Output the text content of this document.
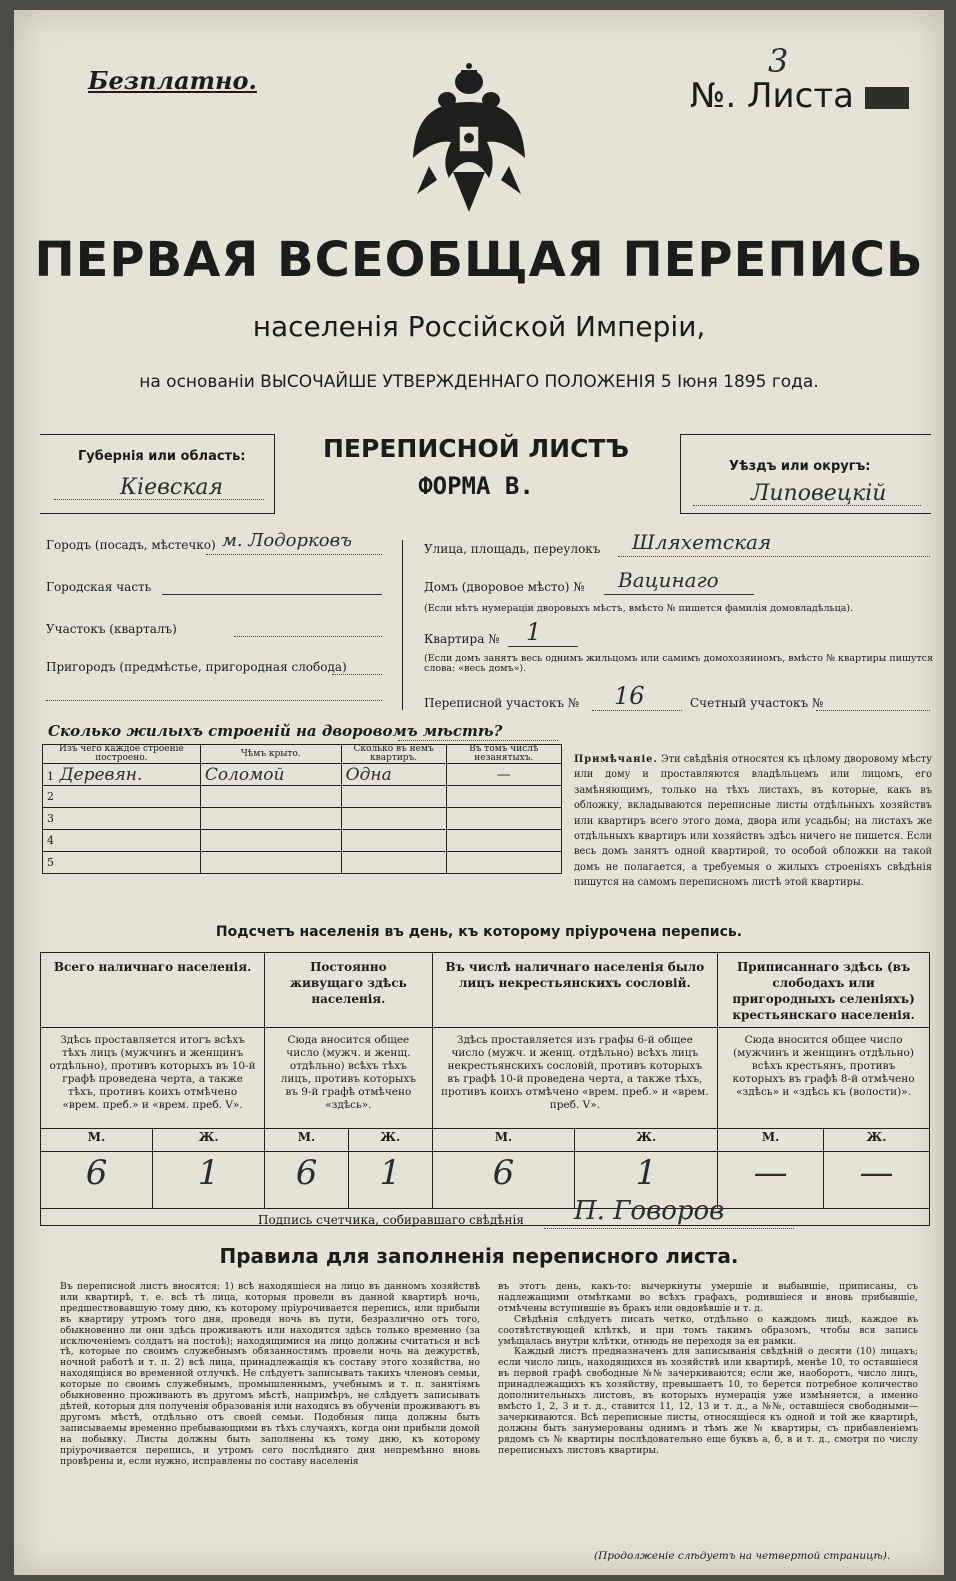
Безплатно.	№. Листа
3
ПЕРВАЯ ВСЕОБЩАЯ ПЕРЕПИСЬ
населенія Россійской Имперіи,
на основаніи ВЫСОЧАЙШЕ УТВЕРЖДЕННАГО ПОЛОЖЕНІЯ 5 Іюня 1895 года.
Губернія или область:
Кіевская
ПЕРЕПИСНОЙ ЛИСТЪ
ФОРМА В.
Уѣздъ или округъ:
Липовецкій
Городъ (посадъ, мѣстечко) м. Лодорковъ
Городская часть
Участокъ (кварталъ)
Пригородъ (предмѣстье, пригородная слобода)
Улица, площадь, переулокъ Шляхетская
Домъ (дворовое мѣсто) № Вацинаго
(Если нѣтъ нумераціи дворовыхъ мѣстъ, вмѣсто № пишется фамилія домовладѣльца).
Квартира № 1
(Если домъ занятъ весь однимъ жильцомъ или самимъ домохозяиномъ, вмѣсто № квартиры пишутся слова: «весь домъ»).
Переписной участокъ № 16	Счетный участокъ №
Сколько жилыхъ строеній на дворовомъ мѣстѣ?
Изъ чего каждое строеніе построено.	Чѣмъ крыто.	Сколько въ немъ квартиръ.	Въ томъ числѣ незанятыхъ.
1 Деревян.	Соломой	Одна	—
2			
3			
4			
5			
Примѣчаніе. Эти свѣдѣнія относятся къ цѣлому дворовому мѣсту или дому и проставляются владѣльцемъ или лицомъ, его замѣняющимъ, только на тѣхъ листахъ, въ которые, какъ въ обложку, вкладываются переписные листы отдѣльныхъ хозяйствъ или квартиръ всего этого дома, двора или усадьбы; на листахъ же отдѣльныхъ квартиръ или хозяйствъ здѣсь ничего не пишется. Если весь домъ занятъ одной квартирой, то особой обложки на такой домъ не полагается, а требуемыя о жилыхъ строеніяхъ свѣдѣнія пишутся на самомъ переписномъ листѣ этой квартиры.
Подсчетъ населенія въ день, къ которому пріурочена перепись.
Всего наличнаго населенія.		Постоянно живущаго здѣсь населенія.		Въ числѣ наличнаго населенія было лицъ некрестьянскихъ сословій.		Приписаннаго здѣсь (въ слободахъ или пригородныхъ селеніяхъ) крестьянскаго населенія.	
Здѣсь проставляется итогъ всѣхъ тѣхъ лицъ (мужчинъ и женщинъ отдѣльно), противъ которыхъ въ 10-й графѣ проведена черта, а также тѣхъ, противъ коихъ отмѣчено «врем. преб.» и «врем. преб. V».		Сюда вносится общее число (мужч. и женщ. отдѣльно) всѣхъ тѣхъ лицъ, противъ которыхъ въ 9-й графѣ отмѣчено «здѣсь».		Здѣсь проставляется изъ графы 6-й общее число (мужч. и женщ. отдѣльно) всѣхъ лицъ некрестьянскихъ сословій, противъ которыхъ въ графѣ 10-й проведена черта, а также тѣхъ, противъ коихъ отмѣчено «врем. преб.» и «врем. преб. V».		Сюда вносится общее число (мужчинъ и женщинъ отдѣльно) всѣхъ крестьянъ, противъ которыхъ въ графѣ 8-й отмѣчено «здѣсь» и «здѣсь къ (волости)».	
М.	Ж.	М.	Ж.	М.	Ж.	М.	Ж.
6	1	6	1	6	1	—	—

Подпись счетчика, собиравшаго свѣдѣнія П. Говоров
Правила для заполненія переписного листа.
Въ переписной листъ вносятся: 1) всѣ находящіеся на лицо въ данномъ хозяйствѣ или квартирѣ, т. е. всѣ тѣ лица, которыя провели въ данной квартирѣ ночь, предшествовавшую тому дню, къ которому пріурочивается перепись, или прибыли въ квартиру утромъ того дня, проведя ночь въ пути, безразлично отъ того, обыкновенно ли они здѣсь проживаютъ или находятся здѣсь только временно (за исключеніемъ солдатъ на постоѣ); находящимися на лицо должны считаться и всѣ тѣ, которые по своимъ служебнымъ обязанностямъ провели ночь на дежурствѣ, ночной работѣ и т. п. 2) всѣ лица, принадлежащія къ составу этого хозяйства, но находящіяся во временной отлучкѣ. Не слѣдуетъ записывать такихъ членовъ семьи, которые по своимъ служебнымъ, промышленнымъ, учебнымъ и т. п. занятіямъ обыкновенно проживаютъ въ другомъ мѣстѣ, напримѣръ, не слѣдуетъ записывать дѣтей, которыя для полученія образованія или находясь въ обученіи проживаютъ въ другомъ мѣстѣ, отдѣльно отъ своей семьи. Подобныя лица должны быть записываемы временно пребывающими въ тѣхъ случаяхъ, когда они прибыли домой на побывку. Листы должны быть заполнены къ тому дню, къ которому пріурочивается перепись, и утромъ сего послѣдняго дня непремѣнно вновь провѣрены и, если нужно, исправлены по составу населенія
въ этотъ день, какъ-то: вычеркнуты умершіе и выбывшіе, приписаны, съ надлежащими отмѣтками во всѣхъ графахъ, родившіеся и вновь прибывшіе, отмѣчены вступившіе въ бракъ или овдовѣвшіе и т. д.
Свѣдѣнія слѣдуетъ писать четко, отдѣльно о каждомъ лицѣ, каждое въ соотвѣтствующей клѣткѣ, и при томъ такимъ образомъ, чтобы вся запись умѣщалась внутри клѣтки, отнюдь не переходя за ея рамки.
Каждый листъ предназначенъ для записыванія свѣдѣній о десяти (10) лицахъ; если число лицъ, находящихся въ хозяйствѣ или квартирѣ, менѣе 10, то оставшіеся въ первой графѣ свободные №№ зачеркиваются; если же, наоборотъ, число лицъ, принадлежащихъ къ хозяйству, превышаетъ 10, то берется потребное количество дополнительныхъ листовъ, въ которыхъ нумерація уже измѣняется, а именно вмѣсто 1, 2, 3 и т. д., ставится 11, 12, 13 и т. д., а №№, оставшіеся свободными—зачеркиваются. Всѣ переписные листы, относящіеся къ одной и той же квартирѣ, должны быть занумерованы однимъ и тѣмъ же № квартиры, съ прибавленіемъ рядомъ съ № квартиры послѣдовательно еще буквъ а, б, в и т. д., смотря по числу переписныхъ листовъ квартиры.
(Продолженіе слѣдуетъ на четвертой страницѣ).
